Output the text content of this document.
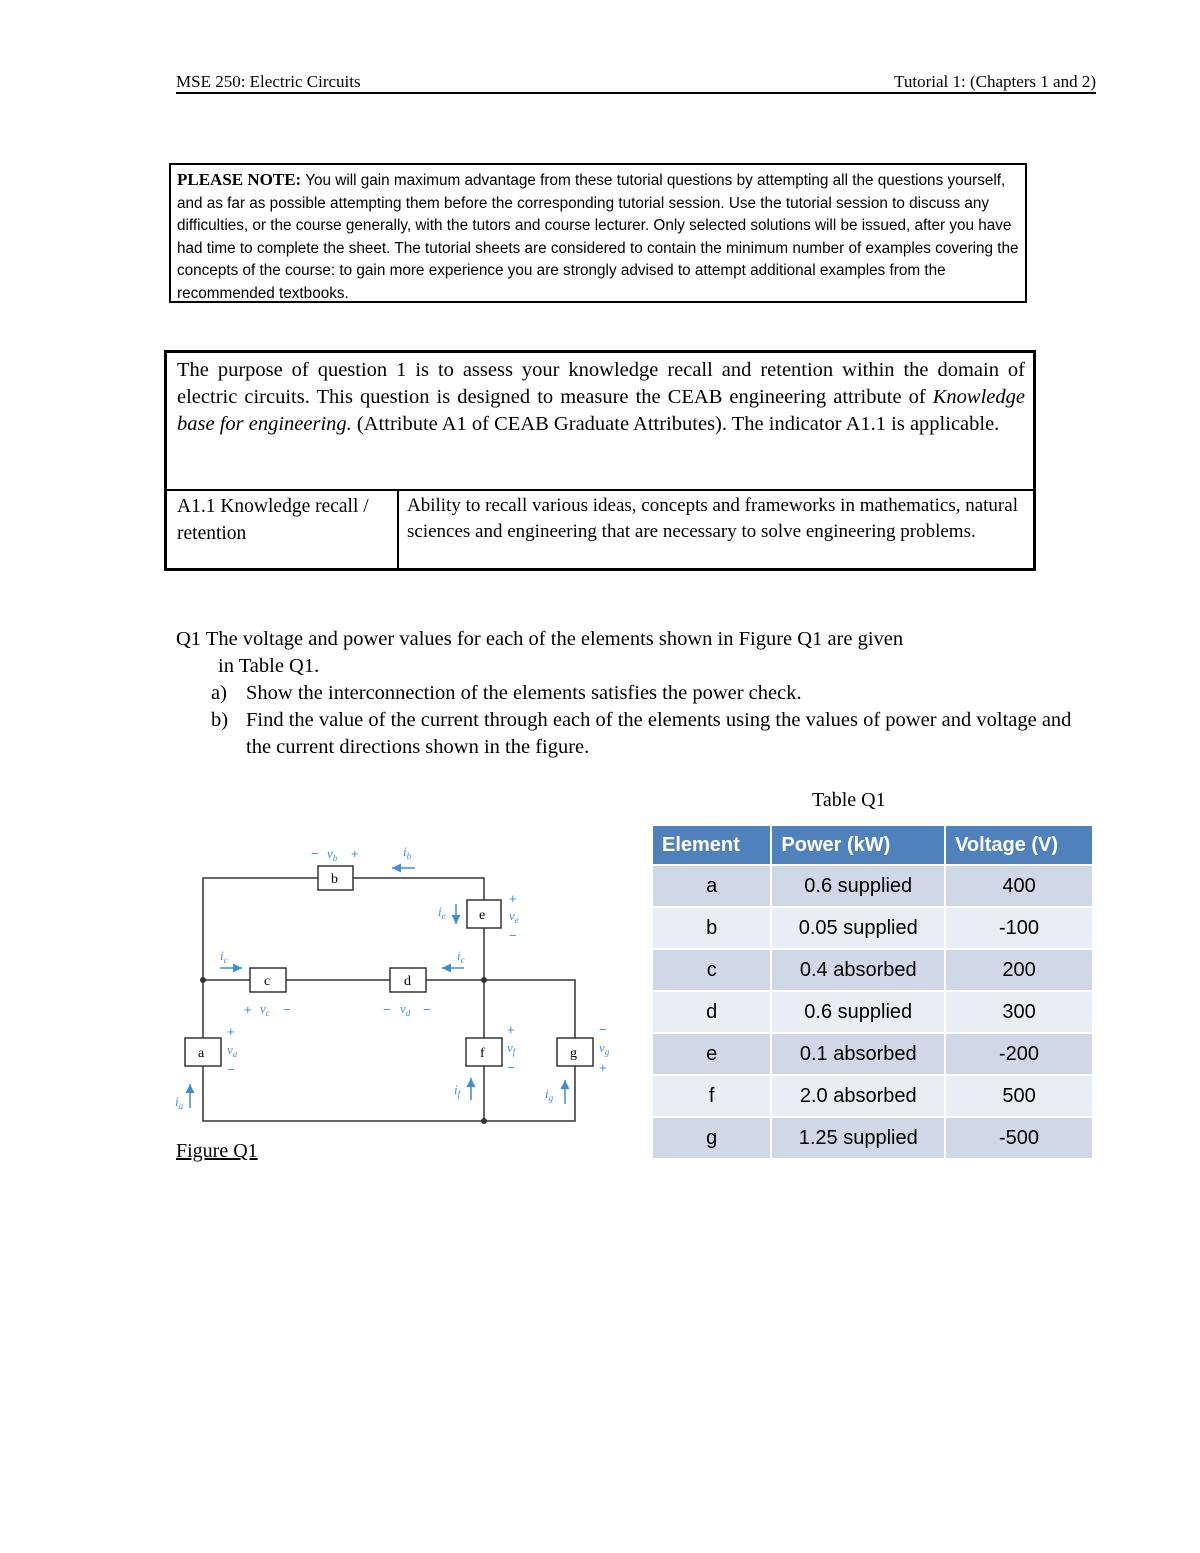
MSE 250: Electric Circuits	Tutorial 1: (Chapters 1 and 2)
PLEASE NOTE: You will gain maximum advantage from these tutorial questions by attempting all the questions yourself, and as far as possible attempting them before the corresponding tutorial session. Use the tutorial session to discuss any difficulties, or the course generally, with the tutors and course lecturer. Only selected solutions will be issued, after you have had time to complete the sheet. The tutorial sheets are considered to contain the minimum number of examples covering the concepts of the course: to gain more experience you are strongly advised to attempt additional examples from the recommended textbooks.
The purpose of question 1 is to assess your knowledge recall and retention within the domain of electric circuits. This question is designed to measure the CEAB engineering attribute of Knowledge base for engineering. (Attribute A1 of CEAB Graduate Attributes). The indicator A1.1 is applicable.
A1.1 Knowledge recall / retention
Ability to recall various ideas, concepts and frameworks in mathematics, natural sciences and engineering that are necessary to solve engineering problems.
Q1 The voltage and power values for each of the elements shown in Figure Q1 are given
in Table Q1.
a) Show the interconnection of the elements satisfies the power check.
b) Find the value of the current through each of the elements using the values of power and voltage and the current directions shown in the figure.
b
− $v_b$ +	$i_b$
e
+
$v_e$
−
$i_e$
c
$i_c$
+ $v_c$ −
d
$i_c$
− $v_d$ −
a
+
$v_a$
−
$i_a$
f
+
$v_f$
−
$i_f$
g
−
$v_g$
+
$i_g$
Figure Q1
Table Q1
Element	Power (kW)	Voltage (V)
a	0.6 supplied	400
b	0.05 supplied	-100
c	0.4 absorbed	200
d	0.6 supplied	300
e	0.1 absorbed	-200
f	2.0 absorbed	500
g	1.25 supplied	-500
